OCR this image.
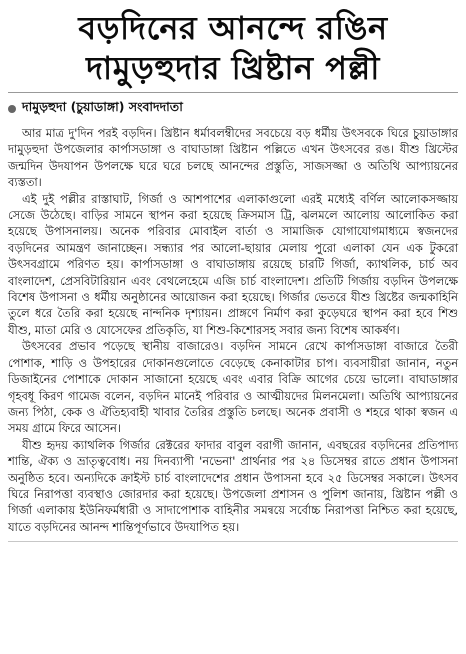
বড়দিনের আনন্দে রঙিন
দামুড়হুদার খ্রিষ্টান পল্লী
দামুড়হুদা (চুয়াডাঙ্গা) সংবাদদাতা

আর মাত্র দু'দিন পরই বড়দিন। খ্রিষ্টান ধর্মাবলম্বীদের সবচেয়ে বড় ধর্মীয় উৎসবকে ঘিরে চুয়াডাঙ্গার দামুড়হুদা উপজেলার কার্পাসডাঙ্গা ও বাঘাডাঙ্গা খ্রিষ্টান পল্লিতে এখন উৎসবের রঙ। যীশু খ্রিস্টের জন্মদিন উদযাপন উপলক্ষে ঘরে ঘরে চলছে আনন্দের প্রস্তুতি, সাজসজ্জা ও অতিথি আপ্যায়নের ব্যস্ততা।

এই দুই পল্লীর রাস্তাঘাট, গির্জা ও আশপাশের এলাকাগুলো এরই মধ্যেই বর্ণিল আলোকসজ্জায় সেজে উঠেছে। বাড়ির সামনে স্থাপন করা হয়েছে ক্রিসমাস ট্রি, ঝলমলে আলোয় আলোকিত করা হয়েছে উপাসনালয়। অনেক পরিবার মোবাইল বার্তা ও সামাজিক যোগাযোগমাধ্যমে স্বজনদের বড়দিনের আমন্ত্রণ জানাচ্ছেন। সন্ধ্যার পর আলো-ছায়ার মেলায় পুরো এলাকা যেন এক টুকরো উৎসবগ্রামে পরিণত হয়। কার্পাসডাঙ্গা ও বাঘাডাঙ্গায় রয়েছে চারটি গির্জা, ক্যাথলিক, চার্চ অব বাংলাদেশ, প্রেসবিটারিয়ান এবং বেথলেহেমে এজি চার্চ বাংলাদেশ। প্রতিটি গির্জায় বড়দিন উপলক্ষে বিশেষ উপাসনা ও ধর্মীয় অনুষ্ঠানের আয়োজন করা হয়েছে। গির্জার ভেতরে যীশু খ্রিষ্টের জন্মকাহিনি তুলে ধরে তৈরি করা হয়েছে নান্দনিক দৃশ্যায়ন। প্রাঙ্গণে নির্মাণ করা কুড়েঘরে স্থাপন করা হবে শিশু যীশু, মাতা মেরি ও যোসেফের প্রতিকৃতি, যা শিশু-কিশোরসহ সবার জন্য বিশেষ আকর্ষণ।

উৎসবের প্রভাব পড়েছে স্থানীয় বাজারেও। বড়দিন সামনে রেখে কার্পাসডাঙ্গা বাজারে তৈরী পোশাক, শাড়ি ও উপহারের দোকানগুলোতে বেড়েছে কেনাকাটার চাপ। ব্যবসায়ীরা জানান, নতুন ডিজাইনের পোশাকে দোকান সাজানো হয়েছে এবং এবার বিক্রি আগের চেয়ে ভালো। বাঘাডাঙ্গার গৃহবধূ কিরণ গামেজ বলেন, বড়দিন মানেই পরিবার ও আত্মীয়দের মিলনমেলা। অতিথি আপ্যায়নের জন্য পিঠা, কেক ও ঐতিহ্যবাহী খাবার তৈরির প্রস্তুতি চলছে। অনেক প্রবাসী ও শহরে থাকা স্বজন এ সময় গ্রামে ফিরে আসেন।

যীশু হৃদয় ক্যাথলিক গির্জার রেক্টরের ফাদার বাবুল বরাগী জানান, এবছরের বড়দিনের প্রতিপাদ্য শান্তি, ঐক্য ও ভ্রাতৃত্ববোধ। নয় দিনব্যাপী 'নভেনা' প্রার্থনার পর ২৪ ডিসেম্বর রাতে প্রধান উপাসনা অনুষ্ঠিত হবে। অন্যদিকে ক্রাইস্ট চার্চ বাংলাদেশের প্রধান উপাসনা হবে ২৫ ডিসেম্বর সকালে। উৎসব ঘিরে নিরাপত্তা ব্যবস্থাও জোরদার করা হয়েছে। উপজেলা প্রশাসন ও পুলিশ জানায়, খ্রিষ্টান পল্লী ও গির্জা এলাকায় ইউনিফর্মধারী ও সাদাপোশাক বাহিনীর সমন্বয়ে সর্বোচ্চ নিরাপত্তা নিশ্চিত করা হয়েছে, যাতে বড়দিনের আনন্দ শান্তিপূর্ণভাবে উদযাপিত হয়।
